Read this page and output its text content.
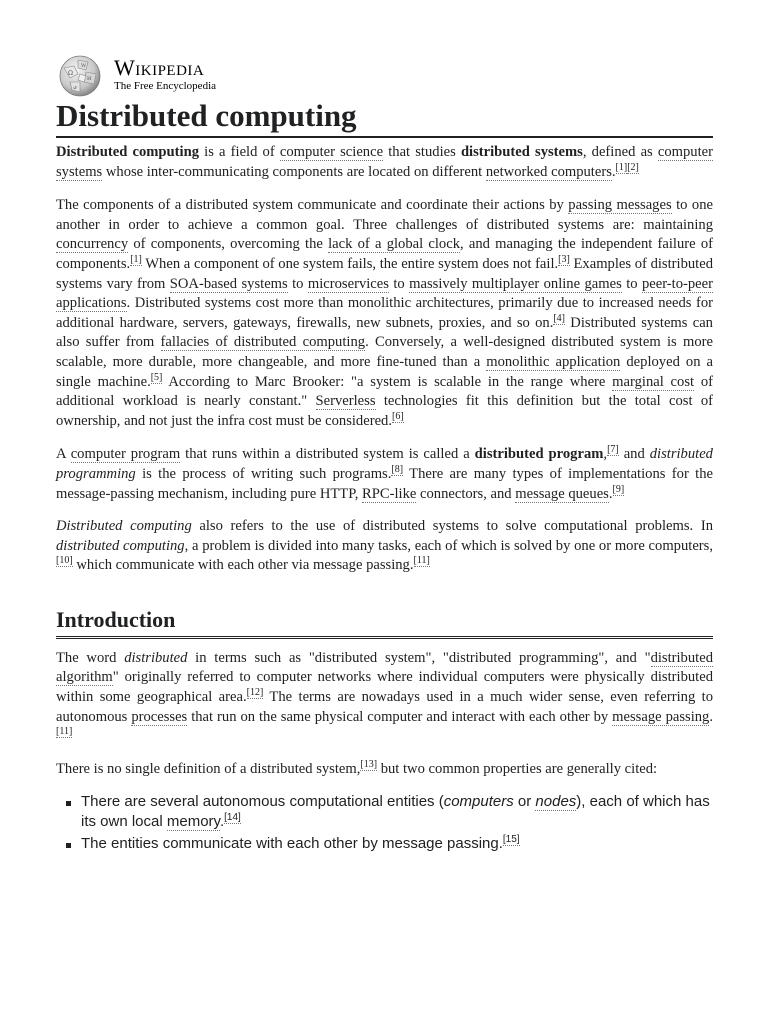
Ω
W
И
ي
Wikipedia
The Free Encyclopedia
Distributed computing

Distributed computing is a field of computer science that studies distributed systems, defined as computer systems whose inter-communicating components are located on different networked computers.[1][2]

The components of a distributed system communicate and coordinate their actions by passing messages to one another in order to achieve a common goal. Three challenges of distributed systems are: maintaining concurrency of components, overcoming the lack of a global clock, and managing the independent failure of components.[1] When a component of one system fails, the entire system does not fail.[3] Examples of distributed systems vary from SOA-based systems to microservices to massively multiplayer online games to peer-to-peer applications. Distributed systems cost more than monolithic architectures, primarily due to increased needs for additional hardware, servers, gateways, firewalls, new subnets, proxies, and so on.[4] Distributed systems can also suffer from fallacies of distributed computing. Conversely, a well-designed distributed system is more scalable, more durable, more changeable, and more fine-tuned than a monolithic application deployed on a single machine.[5] According to Marc Brooker: "a system is scalable in the range where marginal cost of additional workload is nearly constant." Serverless technologies fit this definition but the total cost of ownership, and not just the infra cost must be considered.[6]

A computer program that runs within a distributed system is called a distributed program,[7] and distributed programming is the process of writing such programs.[8] There are many types of implementations for the message-passing mechanism, including pure HTTP, RPC-like connectors, and message queues.[9]

Distributed computing also refers to the use of distributed systems to solve computational problems. In distributed computing, a problem is divided into many tasks, each of which is solved by one or more computers,[10] which communicate with each other via message passing.[11]

Introduction

The word distributed in terms such as "distributed system", "distributed programming", and "distributed algorithm" originally referred to computer networks where individual computers were physically distributed within some geographical area.[12] The terms are nowadays used in a much wider sense, even referring to autonomous processes that run on the same physical computer and interact with each other by message passing.[11]

There is no single definition of a distributed system,[13] but two common properties are generally cited:

There are several autonomous computational entities (computers or nodes), each of which has its own local memory.[14]
The entities communicate with each other by message passing.[15]
